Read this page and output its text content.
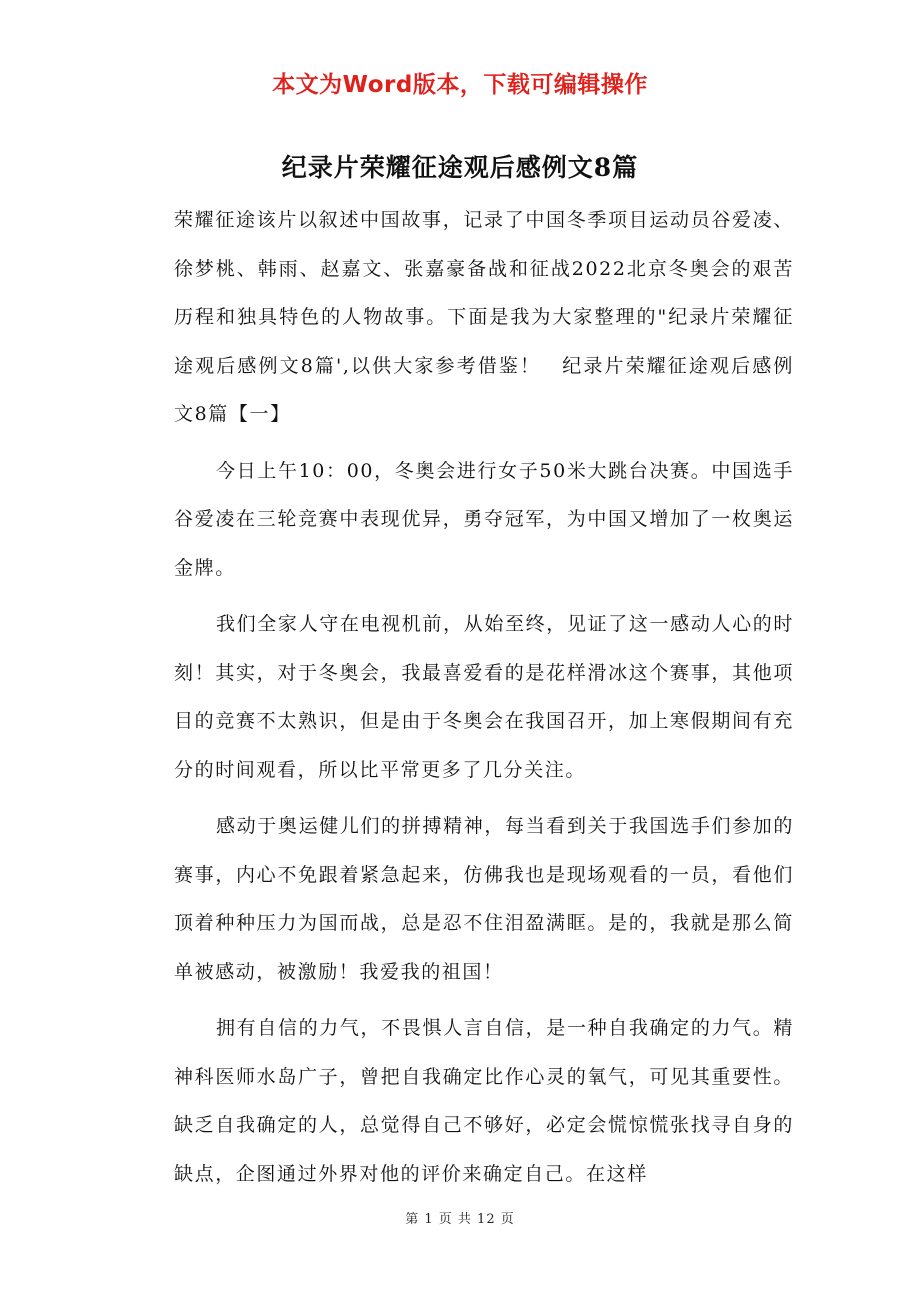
本文为Word版本，下载可编辑操作
纪录片荣耀征途观后感例文8篇

荣耀征途该片以叙述中国故事，记录了中国冬季项目运动员谷爱凌、徐梦桃、韩雨、赵嘉文、张嘉豪备战和征战2022北京冬奥会的艰苦历程和独具特色的人物故事。下面是我为大家整理的"纪录片荣耀征途观后感例文8篇',以供大家参考借鉴！　纪录片荣耀征途观后感例文8篇【一】

今日上午10：00，冬奥会进行女子50米大跳台决赛。中国选手谷爱凌在三轮竞赛中表现优异，勇夺冠军，为中国又增加了一枚奥运金牌。

我们全家人守在电视机前，从始至终，见证了这一感动人心的时刻！其实，对于冬奥会，我最喜爱看的是花样滑冰这个赛事，其他项目的竞赛不太熟识，但是由于冬奥会在我国召开，加上寒假期间有充分的时间观看，所以比平常更多了几分关注。

感动于奥运健儿们的拼搏精神，每当看到关于我国选手们参加的赛事，内心不免跟着紧急起来，仿佛我也是现场观看的一员，看他们顶着种种压力为国而战，总是忍不住泪盈满眶。是的，我就是那么简单被感动，被激励！我爱我的祖国！

拥有自信的力气，不畏惧人言自信，是一种自我确定的力气。精神科医师水岛广子，曾把自我确定比作心灵的氧气，可见其重要性。缺乏自我确定的人，总觉得自己不够好，必定会慌惊慌张找寻自身的缺点，企图通过外界对他的评价来确定自己。在这样

第 1 页 共 12 页
